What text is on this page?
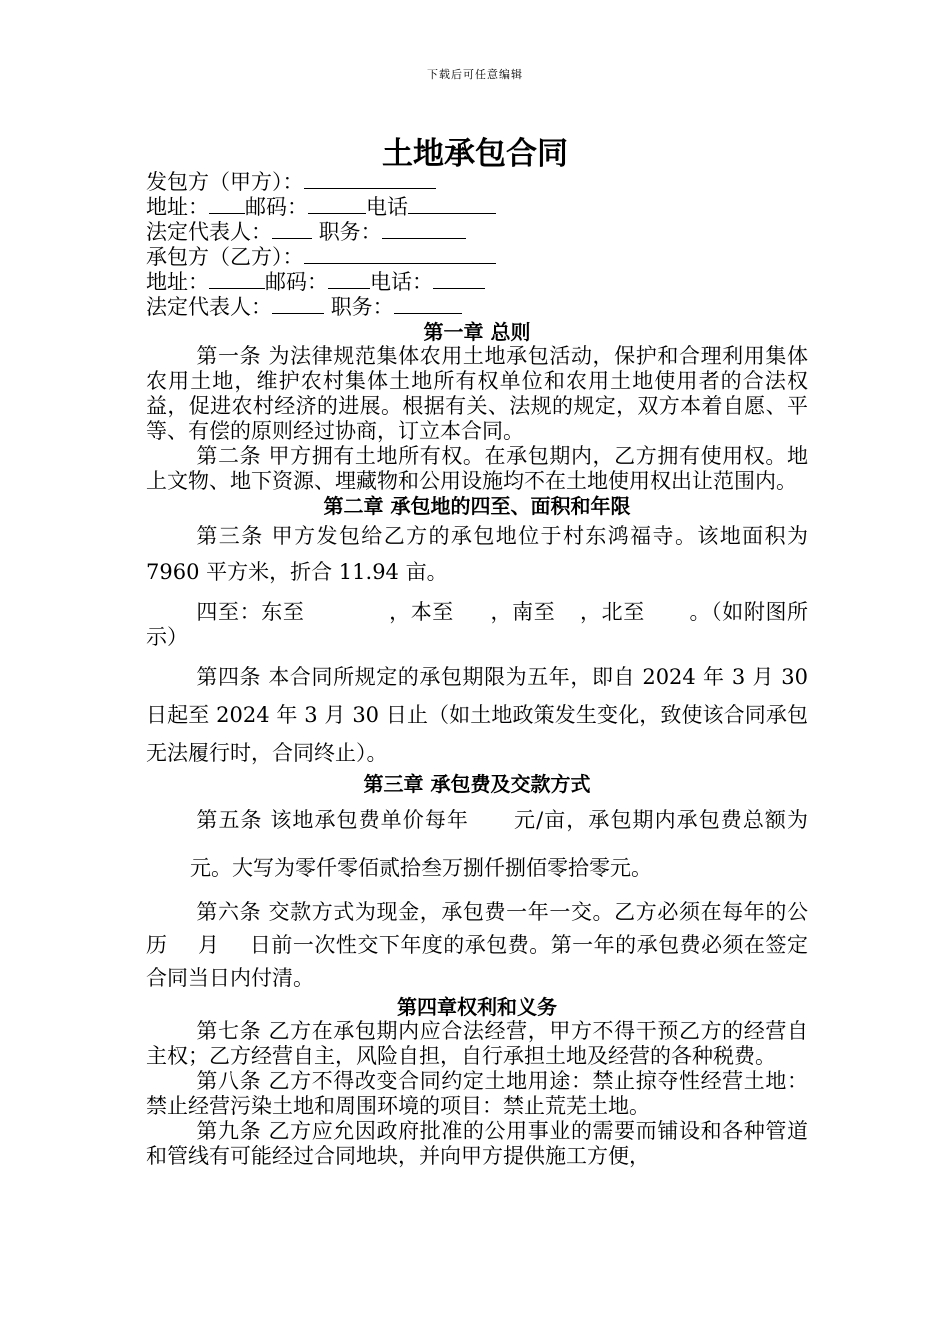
下载后可任意编辑
土地承包合同

发包方（甲方）：

地址： 邮码：	电话

法定代表人： 职务：

承包方（乙方）：

地址：	邮码： 电话：

法定代表人：	职务：

第一章 总则

第一条 为法律规范集体农用土地承包活动，保护和合理利用集体农用土地，维护农村集体土地所有权单位和农用土地使用者的合法权益，促进农村经济的进展。根据有关、法规的规定，双方本着自愿、平等、有偿的原则经过协商，订立本合同。

第二条 甲方拥有土地所有权。在承包期内，乙方拥有使用权。地上文物、地下资源、埋藏物和公用设施均不在土地使用权出让范围内。

第二章 承包地的四至、面积和年限

第三条 甲方发包给乙方的承包地位于村东鸿福寺。该地面积为 7960 平方米，折合 11.94 亩。

四至：东至	，本至 ，南至 ，北至 。（如附图所示）

第四条 本合同所规定的承包期限为五年，即自 2024 年 3 月 30 日起至 2024 年 3 月 30 日止（如土地政策发生变化，致使该合同承包无法履行时，合同终止）。

第三章 承包费及交款方式

第五条 该地承包费单价每年 元/亩，承包期内承包费总额为元。大写为零仟零佰贰拾叁万捌仟捌佰零拾零元。

第六条 交款方式为现金，承包费一年一交。乙方必须在每年的公历 月 日前一次性交下年度的承包费。第一年的承包费必须在签定合同当日内付清。

第四章权利和义务

第七条 乙方在承包期内应合法经营，甲方不得干预乙方的经营自主权；乙方经营自主，风险自担，自行承担土地及经营的各种税费。

第八条 乙方不得改变合同约定土地用途：禁止掠夺性经营土地：禁止经营污染土地和周围环境的项目：禁止荒芜土地。

第九条 乙方应允因政府批准的公用事业的需要而铺设和各种管道和管线有可能经过合同地块，并向甲方提供施工方便，
